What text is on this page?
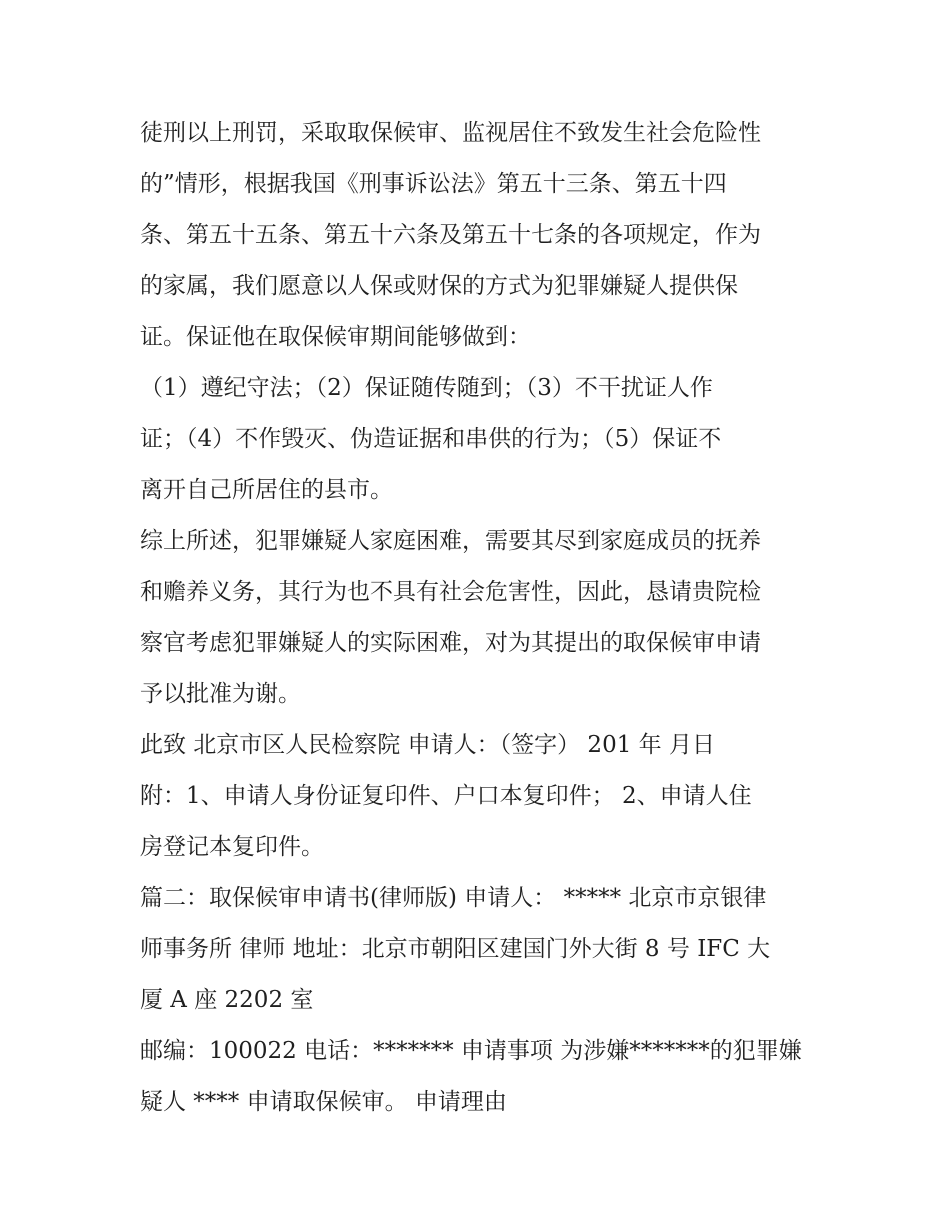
徒刑以上刑罚，采取取保候审、监视居住不致发生社会危险性
的”情形，根据我国《刑事诉讼法》第五十三条、第五十四
条、第五十五条、第五十六条及第五十七条的各项规定，作为
的家属，我们愿意以人保或财保的方式为犯罪嫌疑人提供保
证。保证他在取保候审期间能够做到：
（1）遵纪守法；（2）保证随传随到；（3）不干扰证人作
证；（4）不作毁灭、伪造证据和串供的行为；（5）保证不
离开自己所居住的县市。
综上所述，犯罪嫌疑人家庭困难，需要其尽到家庭成员的抚养
和赡养义务，其行为也不具有社会危害性，因此，恳请贵院检
察官考虑犯罪嫌疑人的实际困难，对为其提出的取保候审申请
予以批准为谢。
此致 北京市区人民检察院 申请人：（签字） 201 年 月日
附：1、申请人身份证复印件、户口本复印件； 2、申请人住
房登记本复印件。
篇二：取保候审申请书(律师版) 申请人： ***** 北京市京银律
师事务所 律师 地址：北京市朝阳区建国门外大街 8 号 IFC 大
厦 A 座 2202 室
邮编：100022 电话：******* 申请事项 为涉嫌*******的犯罪嫌
疑人 **** 申请取保候审。 申请理由
